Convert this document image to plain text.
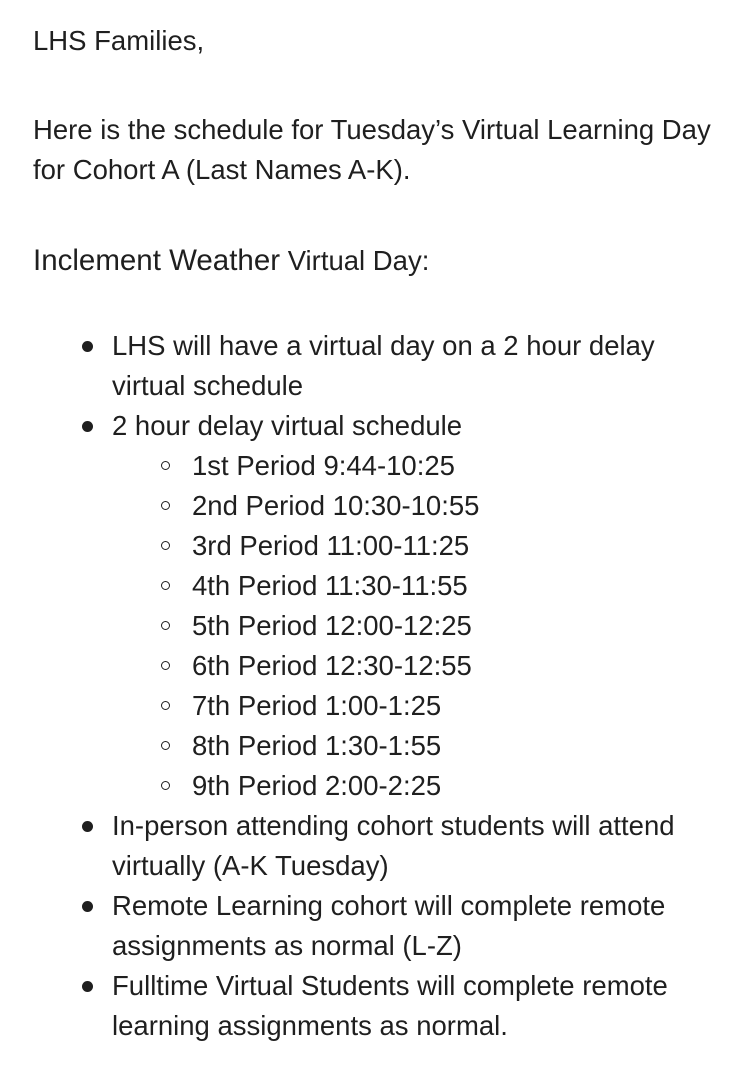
LHS Families,

Here is the schedule for Tuesday’s Virtual Learning Day for Cohort A (Last Names A-K).

Inclement Weather Virtual Day:

LHS will have a virtual day on a 2 hour delay virtual schedule
2 hour delay virtual schedule
1st Period 9:44-10:25
2nd Period 10:30-10:55
3rd Period 11:00-11:25
4th Period 11:30-11:55
5th Period 12:00-12:25
6th Period 12:30-12:55
7th Period 1:00-1:25
8th Period 1:30-1:55
9th Period 2:00-2:25
In-person attending cohort students will attend virtually (A-K Tuesday)
Remote Learning cohort will complete remote assignments as normal (L-Z)
Fulltime Virtual Students will complete remote learning assignments as normal.
